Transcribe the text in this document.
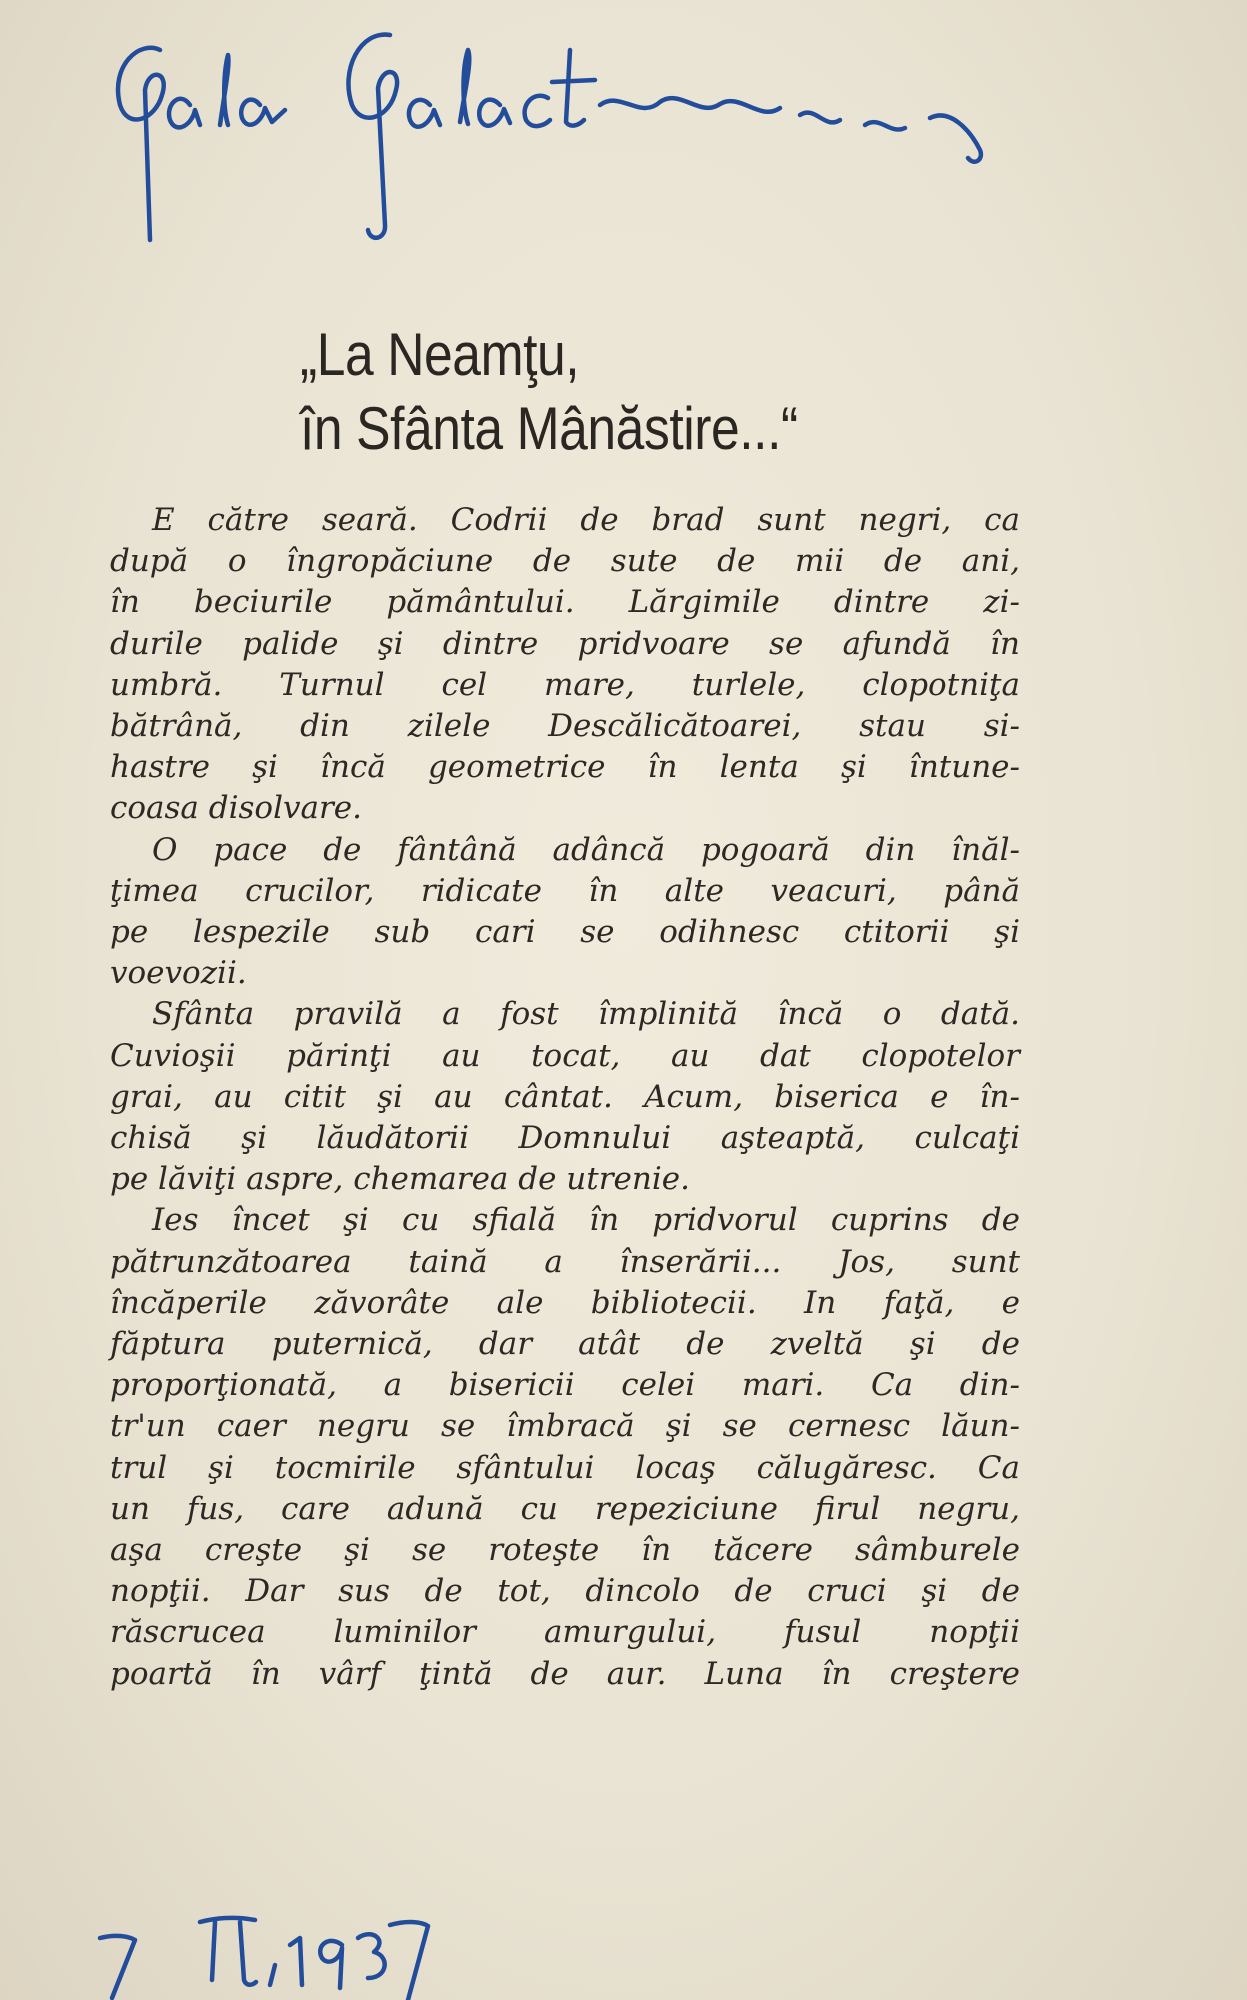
„La Neamţu,
în Sfânta Mânăstire...“

E către seară. Codrii de brad sunt negri, ca
după o îngropăciune de sute de mii de ani,
în beciurile pământului. Lărgimile dintre zi-
durile palide şi dintre pridvoare se afundă în
umbră. Turnul cel mare, turlele, clopotniţa
bătrână, din zilele Descălicătoarei, stau si-
hastre şi încă geometrice în lenta şi întune-
coasa disolvare.

O pace de fântână adâncă pogoară din înăl-
ţimea crucilor, ridicate în alte veacuri, până
pe lespezile sub cari se odihnesc ctitorii şi
voevozii.

Sfânta pravilă a fost împlinită încă o dată.
Cuvioşii părinţi au tocat, au dat clopotelor
grai, au citit şi au cântat. Acum, biserica e în-
chisă şi lăudătorii Domnului aşteaptă, culcaţi
pe lăviţi aspre, chemarea de utrenie.

Ies încet şi cu sfială în pridvorul cuprins de
pătrunzătoarea taină a înserării... Jos, sunt
încăperile zăvorâte ale bibliotecii. In faţă, e
făptura puternică, dar atât de zveltă şi de
proporţionată, a bisericii celei mari. Ca din-
tr'un caer negru se îmbracă şi se cernesc lăun-
trul şi tocmirile sfântului locaş călugăresc. Ca
un fus, care adună cu repeziciune firul negru,
aşa creşte şi se roteşte în tăcere sâmburele
nopţii. Dar sus de tot, dincolo de cruci şi de
răscrucea luminilor amurgului, fusul nopţii
poartă în vârf ţintă de aur. Luna în creştere
